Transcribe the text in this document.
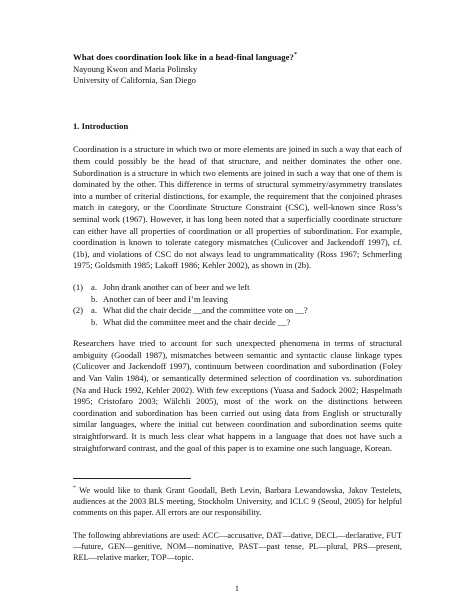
What does coordination look like in a head-final language?*
Nayoung Kwon and Maria Polinsky
University of California, San Diego
1. Introduction

Coordination is a structure in which two or more elements are joined in such a way that each of them could possibly be the head of that structure, and neither dominates the other one. Subordination is a structure in which two elements are joined in such a way that one of them is dominated by the other. This difference in terms of structural symmetry/asymmetry translates into a number of criterial distinctions, for example, the requirement that the conjoined phrases match in category, or the Coordinate Structure Constraint (CSC), well-known since Ross’s seminal work (1967). However, it has long been noted that a superficially coordinate structure can either have all properties of coordination or all properties of subordination. For example, coordination is known to tolerate category mismatches (Culicover and Jackendoff 1997), cf. (1b), and violations of CSC do not always lead to ungrammaticality (Ross 1967; Schmerling 1975; Goldsmith 1985; Lakoff 1986; Kehler 2002), as shown in (2b).

(1) a. John drank another can of beer and we left
b. Another can of beer and I’m leaving
(2) a. What did the chair decide __and the committee vote on __?
b. What did the committee meet and the chair decide __?

Researchers have tried to account for such unexpected phenomena in terms of structural ambiguity (Goodall 1987), mismatches between semantic and syntactic clause linkage types (Culicover and Jackendoff 1997), continuum between coordination and subordination (Foley and Van Valin 1984), or semantically determined selection of coordination vs. subordination (Na and Huck 1992, Kehler 2002). With few exceptions (Yuasa and Sadock 2002; Haspelmath 1995; Cristofaro 2003; Wälchli 2005), most of the work on the distinctions between coordination and subordination has been carried out using data from English or structurally similar languages, where the initial cut between coordination and subordination seems quite straightforward. It is much less clear what happens in a language that does not have such a straightforward contrast, and the goal of this paper is to examine one such language, Korean.

* We would like to thank Grant Goodall, Beth Levin, Barbara Lewandowska, Jakov Testelets, audiences at the 2003 BLS meeting, Stockholm University, and ICLC 9 (Seoul, 2005) for helpful comments on this paper. All errors are our responsibility.

The following abbreviations are used: ACC—accusative, DAT—dative, DECL—declarative, FUT—future, GEN—genitive, NOM—nominative, PAST—past tense, PL—plural, PRS—present, REL—relative marker, TOP—topic.

1
